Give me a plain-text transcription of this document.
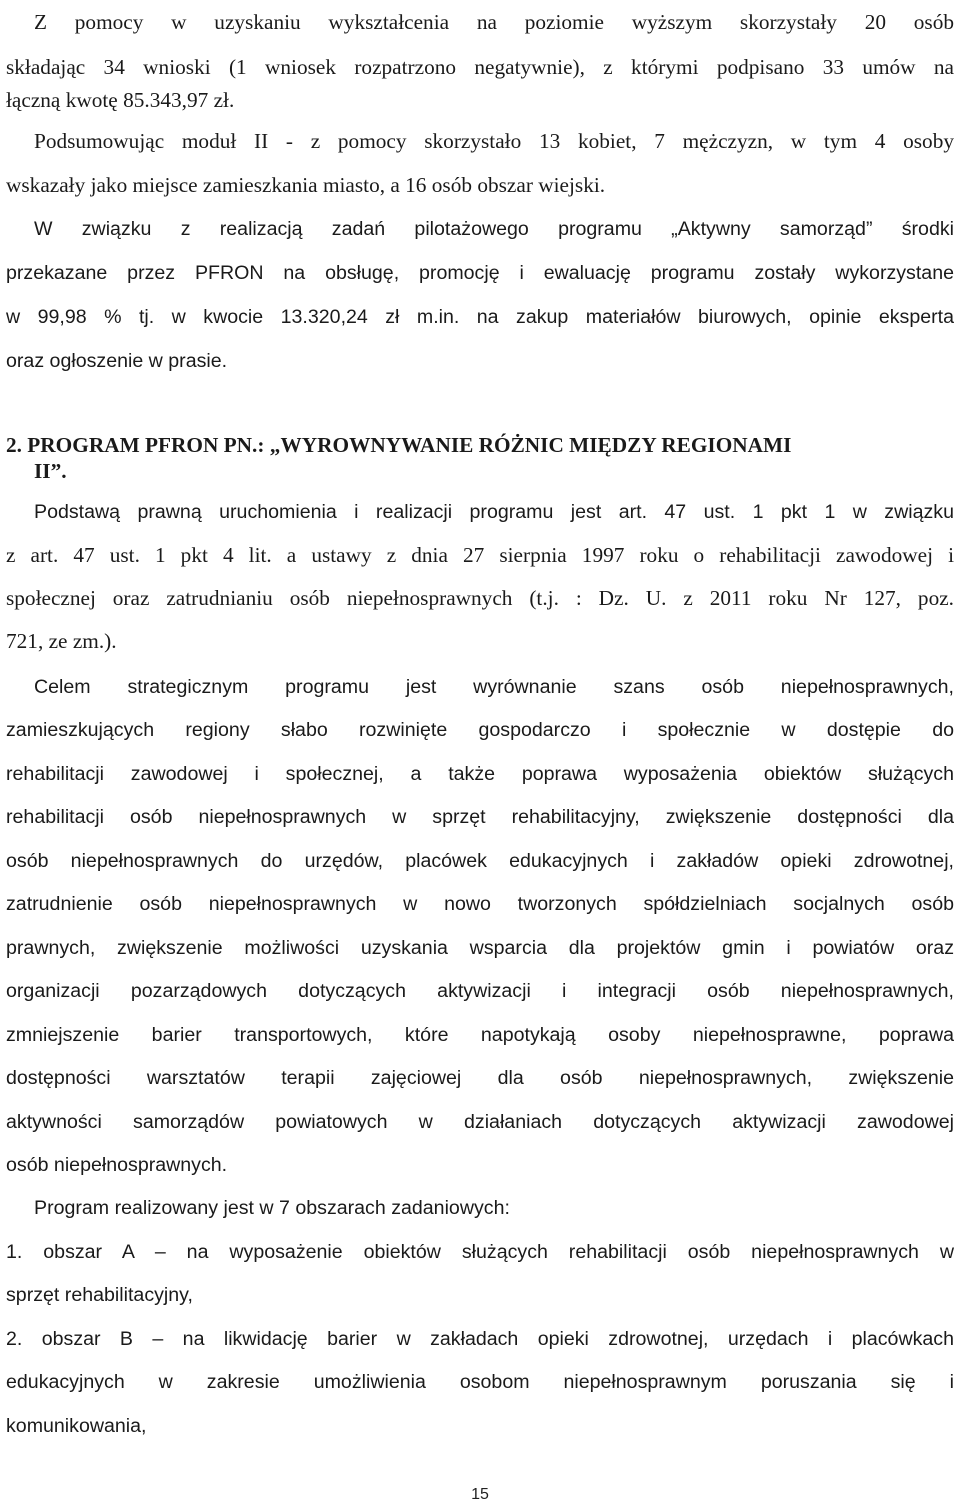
Z pomocy w uzyskaniu wykształcenia na poziomie wyższym skorzystały 20 osób
składając 34 wnioski (1 wniosek rozpatrzono negatywnie), z którymi podpisano 33 umów na
łączną kwotę 85.343,97 zł.
Podsumowując moduł II - z pomocy skorzystało 13 kobiet, 7 mężczyzn, w tym 4 osoby
wskazały jako miejsce zamieszkania miasto, a 16 osób obszar wiejski.
W związku z realizacją zadań pilotażowego programu „Aktywny samorząd” środki
przekazane przez PFRON na obsługę, promocję i ewaluację programu zostały wykorzystane
w 99,98 % tj. w kwocie 13.320,24 zł m.in. na zakup materiałów biurowych, opinie eksperta
oraz ogłoszenie w prasie.
2. PROGRAM PFRON PN.: „WYROWNYWANIE RÓŻNIC MIĘDZY REGIONAMI
II”.
Podstawą prawną uruchomienia i realizacji programu jest art. 47 ust. 1 pkt 1 w związku
z art. 47 ust. 1 pkt 4 lit. a ustawy z dnia 27 sierpnia 1997 roku o rehabilitacji zawodowej i
społecznej oraz zatrudnianiu osób niepełnosprawnych (t.j. : Dz. U. z 2011 roku Nr 127, poz.
721, ze zm.).
Celem strategicznym programu jest wyrównanie szans osób niepełnosprawnych,
zamieszkujących regiony słabo rozwinięte gospodarczo i społecznie w dostępie do
rehabilitacji zawodowej i społecznej, a także poprawa wyposażenia obiektów służących
rehabilitacji osób niepełnosprawnych w sprzęt rehabilitacyjny, zwiększenie dostępności dla
osób niepełnosprawnych do urzędów, placówek edukacyjnych i zakładów opieki zdrowotnej,
zatrudnienie osób niepełnosprawnych w nowo tworzonych spółdzielniach socjalnych osób
prawnych, zwiększenie możliwości uzyskania wsparcia dla projektów gmin i powiatów oraz
organizacji pozarządowych dotyczących aktywizacji i integracji osób niepełnosprawnych,
zmniejszenie barier transportowych, które napotykają osoby niepełnosprawne, poprawa
dostępności warsztatów terapii zajęciowej dla osób niepełnosprawnych, zwiększenie
aktywności samorządów powiatowych w działaniach dotyczących aktywizacji zawodowej
osób niepełnosprawnych.
Program realizowany jest w 7 obszarach zadaniowych:
1. obszar A – na wyposażenie obiektów służących rehabilitacji osób niepełnosprawnych w
sprzęt rehabilitacyjny,
2. obszar B – na likwidację barier w zakładach opieki zdrowotnej, urzędach i placówkach
edukacyjnych w zakresie umożliwienia osobom niepełnosprawnym poruszania się i
komunikowania,
15
